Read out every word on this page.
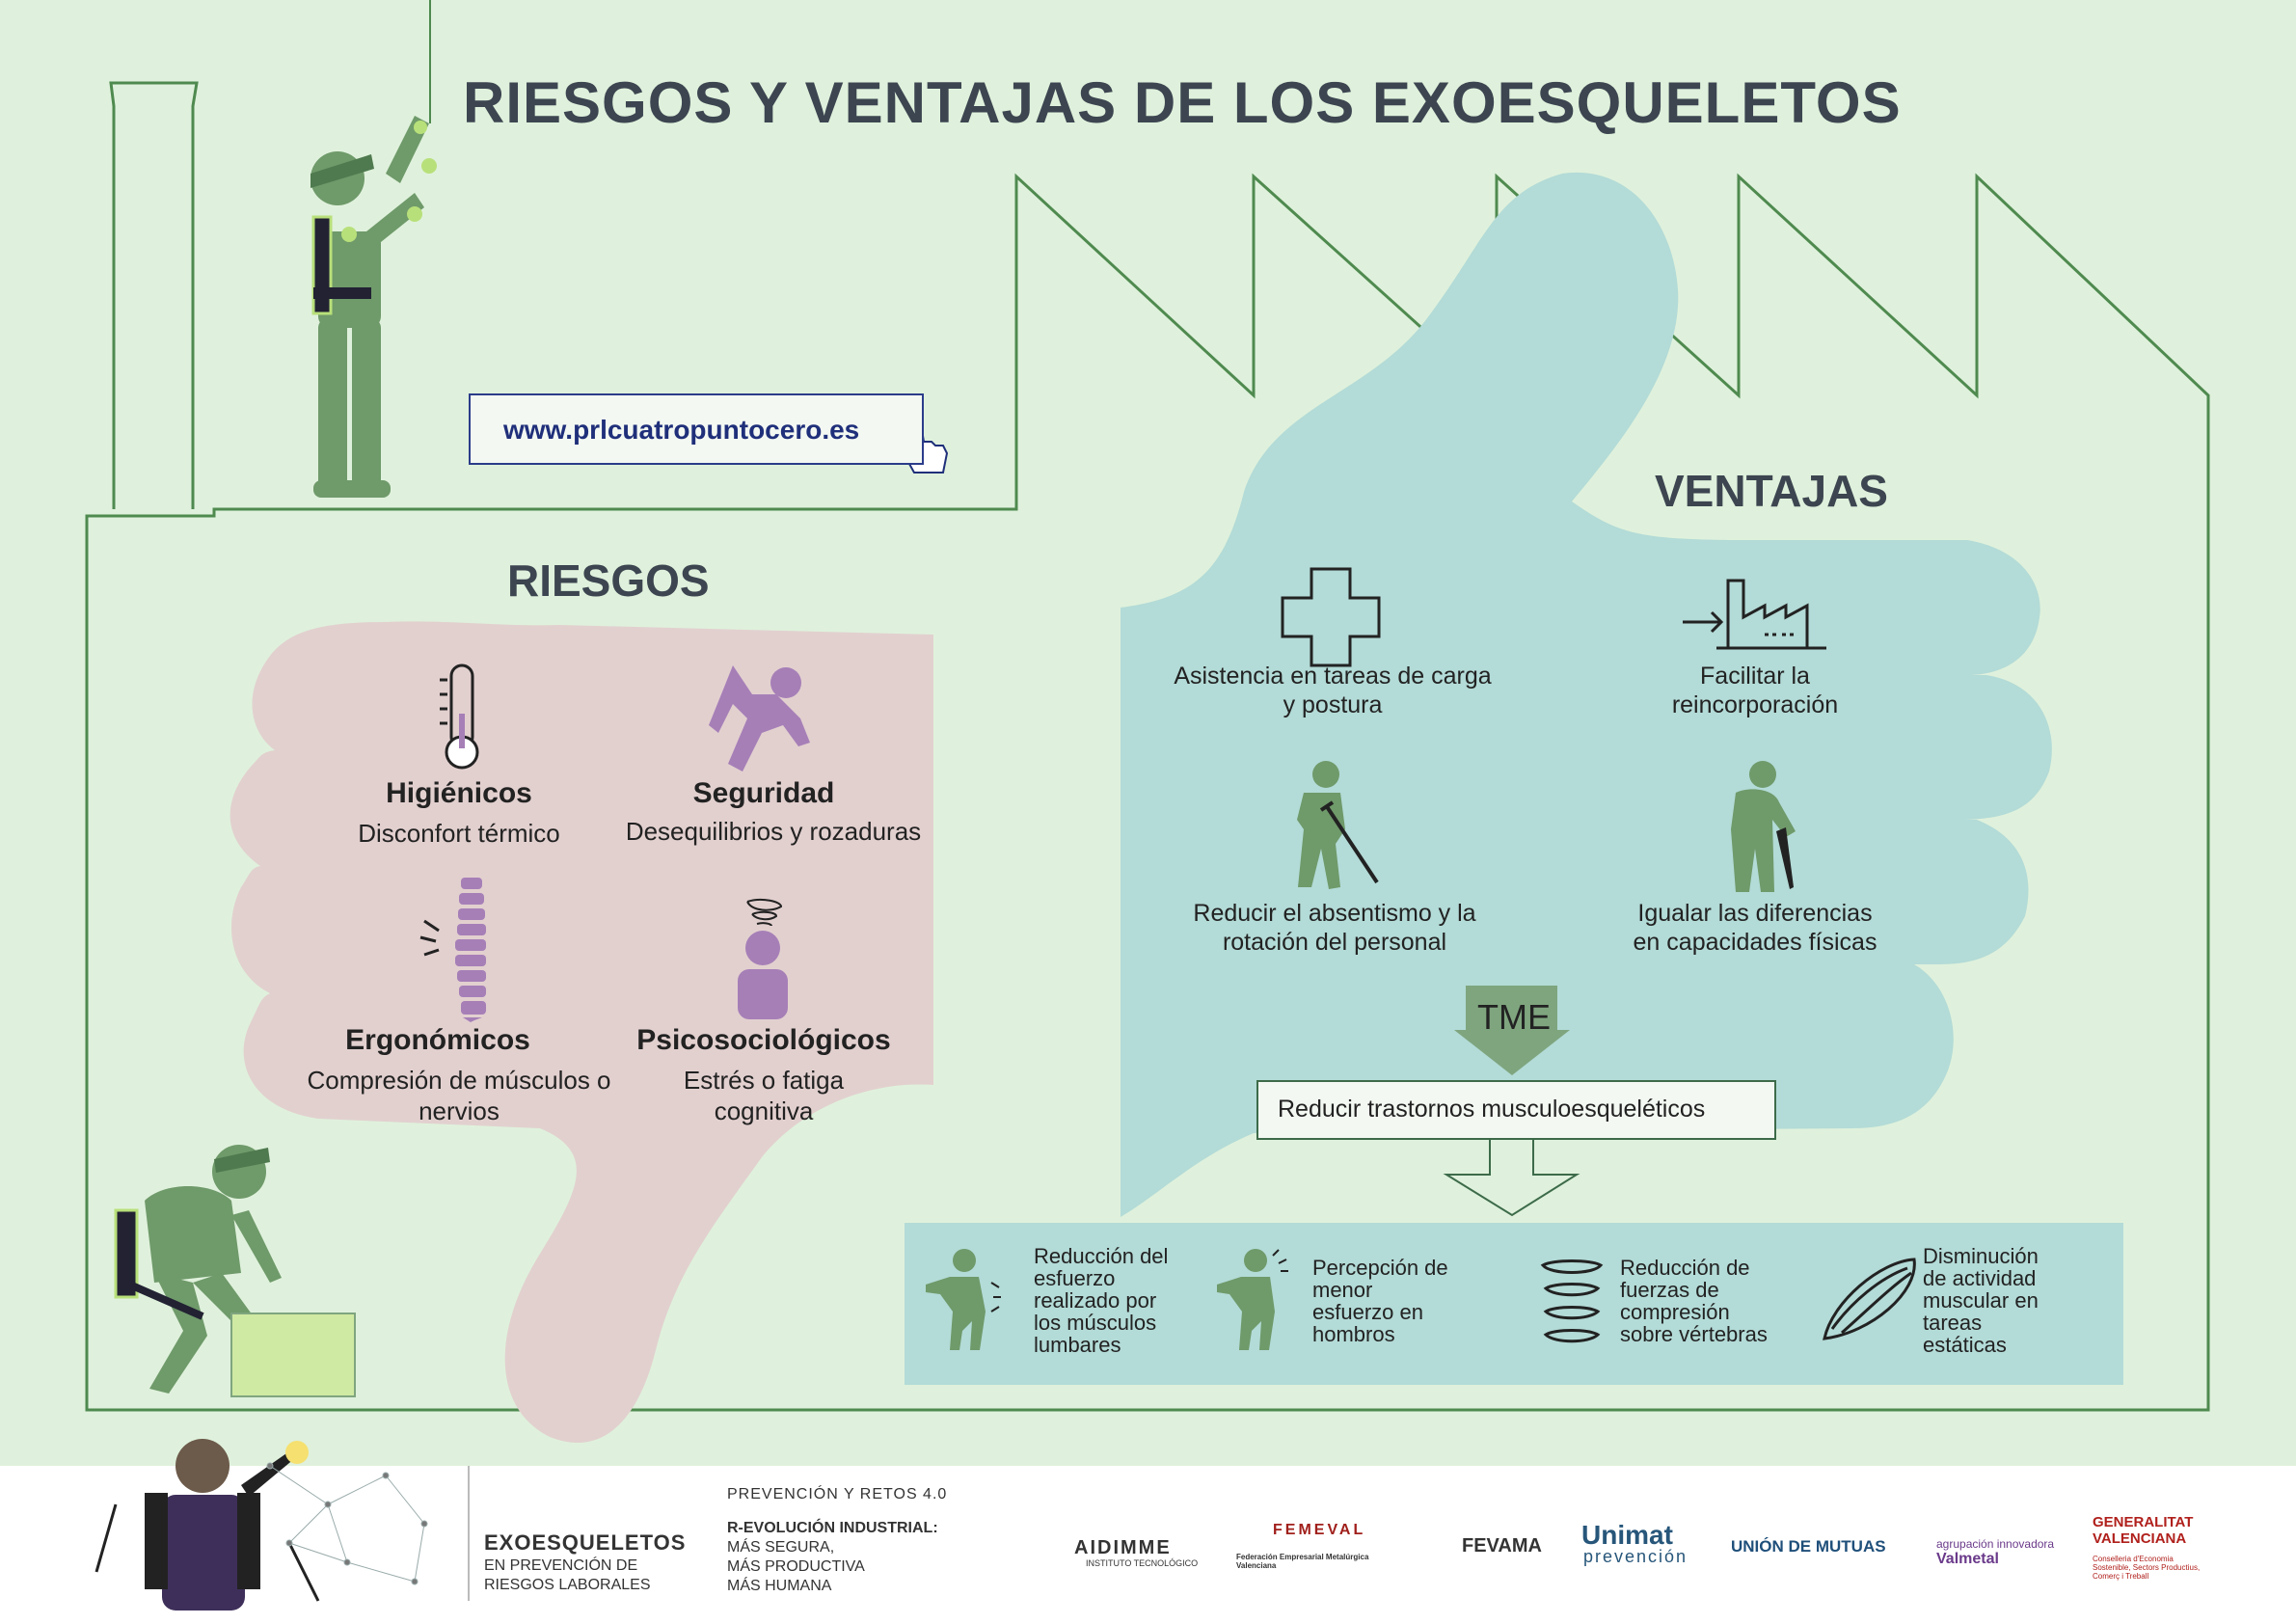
RIESGOS Y VENTAJAS DE LOS EXOESQUELETOS
www.prlcuatropuntocero.es
RIESGOS
VENTAJAS
Higiénicos
Disconfort térmico
Seguridad
Desequilibrios y rozaduras
Ergonómicos
Compresión de músculos o nervios
Psicosociológicos
Estrés o fatiga cognitiva
Asistencia en tareas de carga y postura
Facilitar la reincorporación
Reducir el absentismo y la rotación del personal
Igualar las diferencias en capacidades físicas
TME
Reducir trastornos musculoesqueléticos
Reducción del esfuerzo realizado por los músculos lumbares
Percepción de menor esfuerzo en hombros
Reducción de fuerzas de compresión sobre vértebras
Disminución de actividad muscular en tareas estáticas
EXOESQUELETOS
EN PREVENCIÓN DE RIESGOS LABORALES
PREVENCIÓN Y RETOS 4.0
R-EVOLUCIÓN INDUSTRIAL:
MÁS SEGURA,
MÁS PRODUCTIVA
MÁS HUMANA
AIDIMME
INSTITUTO TECNOLÓGICO
FEMEVAL
Federación Empresarial Metalúrgica Valenciana
FEVAMA Unimat
prevención
UNIÓN DE MUTUAS	agrupación innovadora
Valmetal
GENERALITAT VALENCIANA
Conselleria d'Economia Sostenible, Sectors Productius, Comerç i Treball
